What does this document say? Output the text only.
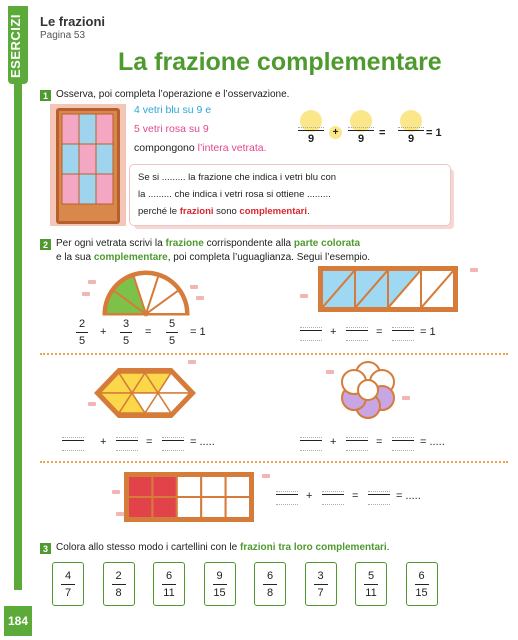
ESERCIZI
184
Le frazioni
Pagina 53
La frazione complementare
1 Osserva, poi completa l’operazione e l’osservazione.
4 vetri blu su 9 e
5 vetri rosa su 9
compongono l’intera vetrata.
9
+
9	=	9	= 1
Se si ......... la frazione che indica i vetri blu con
la ......... che indica i vetri rosa si ottiene .........
perché le frazioni sono complementari.
2 Per ogni vetrata scrivi la frazione corrispondente alla parte colorata
e la sua complementare, poi completa l’uguaglianza. Segui l’esempio.
2
5
+
3
5
=
5
5
= 1	+	=	= 1
+	=	= .....	+	=	= .....
+	=	= .....
3 Colora allo stesso modo i cartellini con le frazioni tra loro complementari.
4
7
2
8
6
11
9
15
6
8
3
7
5
11
6
15
